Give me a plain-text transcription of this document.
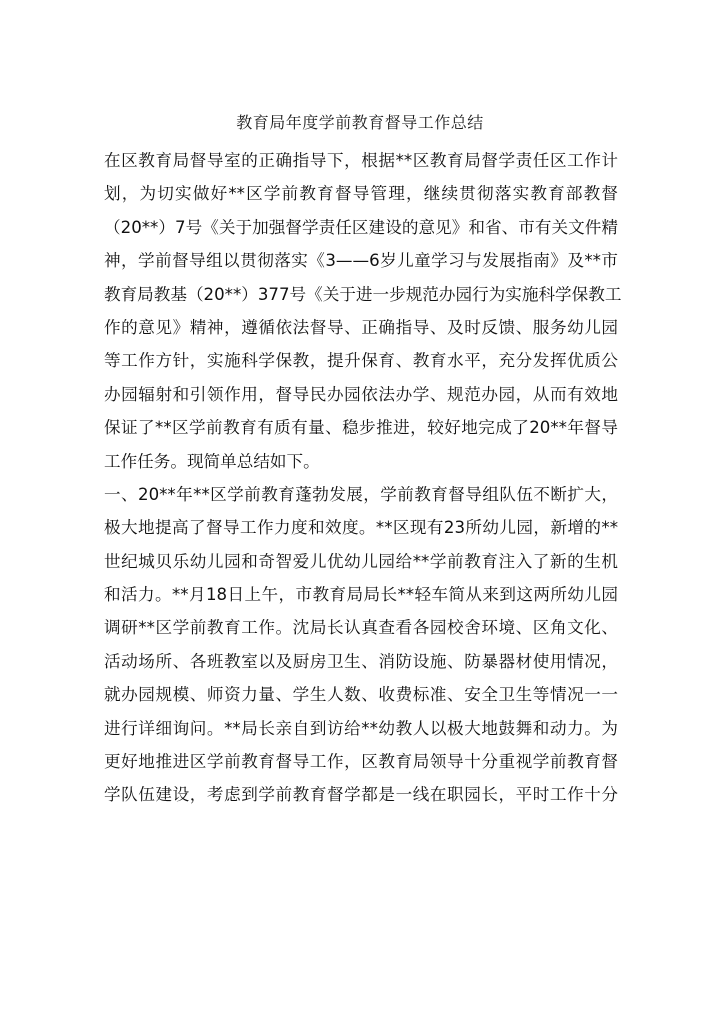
教育局年度学前教育督导工作总结
在区教育局督导室的正确指导下，根据**区教育局督学责任区工作计
划，为切实做好**区学前教育督导管理，继续贯彻落实教育部教督
（20**）7号《关于加强督学责任区建设的意见》和省、市有关文件精
神，学前督导组以贯彻落实《3——6岁儿童学习与发展指南》及**市
教育局教基（20**）377号《关于进一步规范办园行为实施科学保教工
作的意见》精神，遵循依法督导、正确指导、及时反馈、服务幼儿园
等工作方针，实施科学保教，提升保育、教育水平，充分发挥优质公
办园辐射和引领作用，督导民办园依法办学、规范办园，从而有效地
保证了**区学前教育有质有量、稳步推进，较好地完成了20**年督导
工作任务。现简单总结如下。
一、20**年**区学前教育蓬勃发展，学前教育督导组队伍不断扩大，
极大地提高了督导工作力度和效度。**区现有23所幼儿园，新增的**
世纪城贝乐幼儿园和奇智爱儿优幼儿园给**学前教育注入了新的生机
和活力。**月18日上午，市教育局局长**轻车简从来到这两所幼儿园
调研**区学前教育工作。沈局长认真查看各园校舍环境、区角文化、
活动场所、各班教室以及厨房卫生、消防设施、防暴器材使用情况，
就办园规模、师资力量、学生人数、收费标准、安全卫生等情况一一
进行详细询问。**局长亲自到访给**幼教人以极大地鼓舞和动力。为
更好地推进区学前教育督导工作，区教育局领导十分重视学前教育督
学队伍建设，考虑到学前教育督学都是一线在职园长，平时工作十分
